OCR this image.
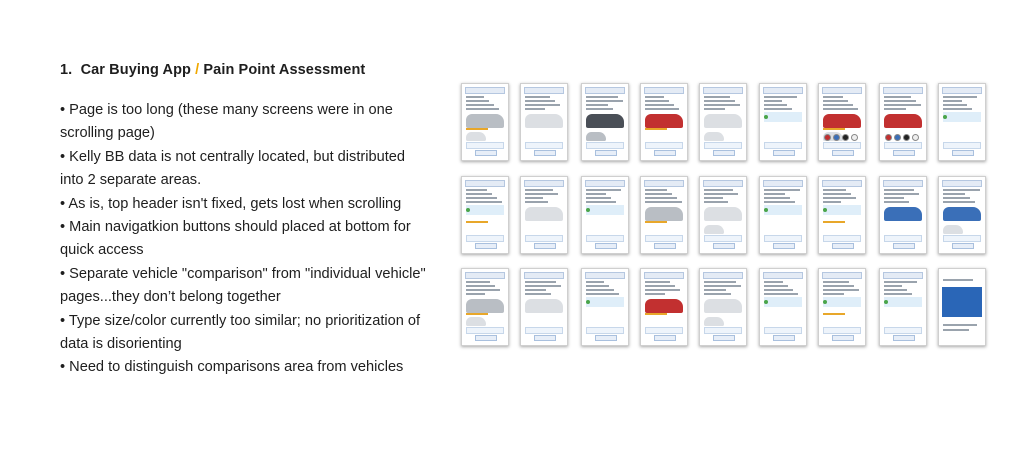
1. Car Buying App / Pain Point Assessment
• Page is too long (these many screens were in one scrolling page)
• Kelly BB data is not centrally located, but distributed into 2 separate areas.
• As is, top header isn't fixed, gets lost when scrolling
• Main navigatkion buttons should placed at bottom for quick access
• Separate vehicle "comparison" from "individual vehicle" pages...they don’t belong together
• Type size/color currently too similar; no prioritization of data is disorienting
• Need to distinguish comparisons area from vehicles
